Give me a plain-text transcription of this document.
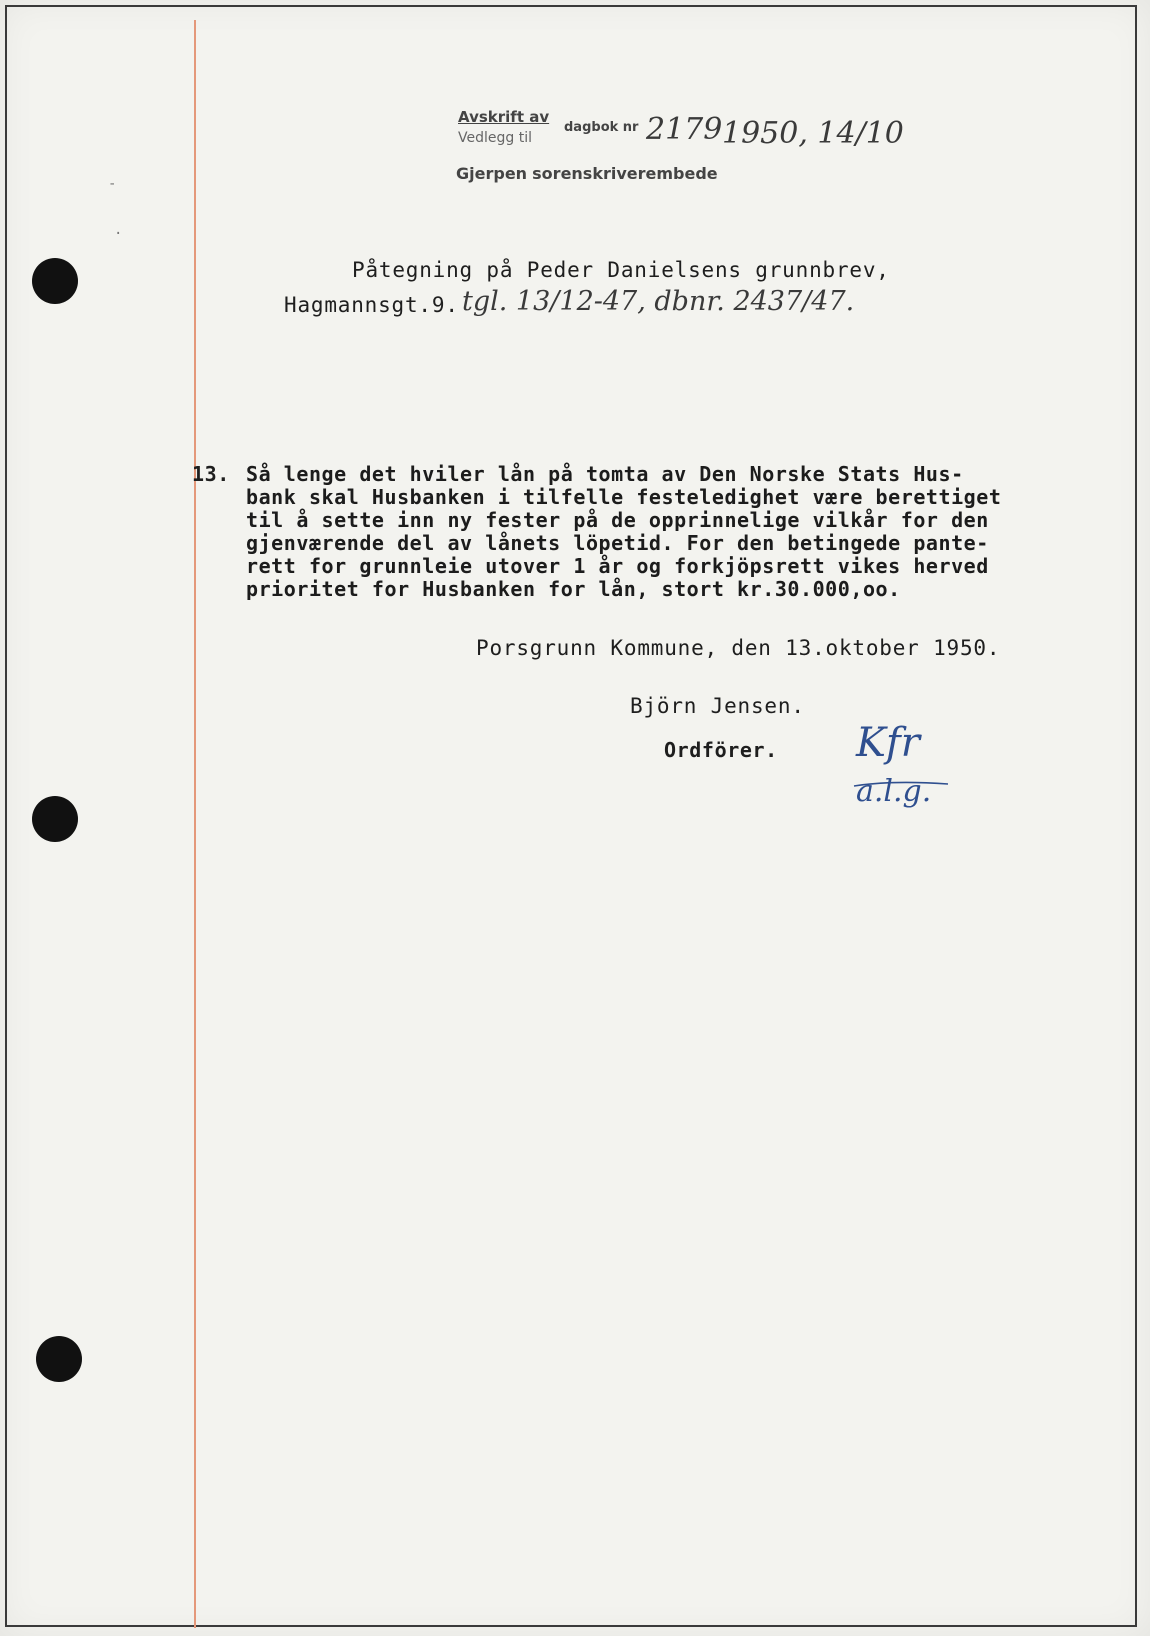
-
·
Avskrift av
dagbok nr
Vedlegg til
Gjerpen sorenskriverembede
2179 1950, 14/10
Påtegning på Peder Danielsens grunnbrev,
Hagmannsgt.9. tgl. 13/12-47, dbnr. 2437/47.
13. Så lenge det hviler lån på tomta av Den Norske Stats Hus-
bank skal Husbanken i tilfelle festeledighet være berettiget
til å sette inn ny fester på de opprinnelige vilkår for den
gjenværende del av lånets löpetid. For den betingede pante-
rett for grunnleie utover 1 år og forkjöpsrett vikes herved
prioritet for Husbanken for lån, stort kr.30.000,oo.
Porsgrunn Kommune, den 13.oktober 1950.
Björn Jensen.
Ordförer. Kfr
a.l.g.
